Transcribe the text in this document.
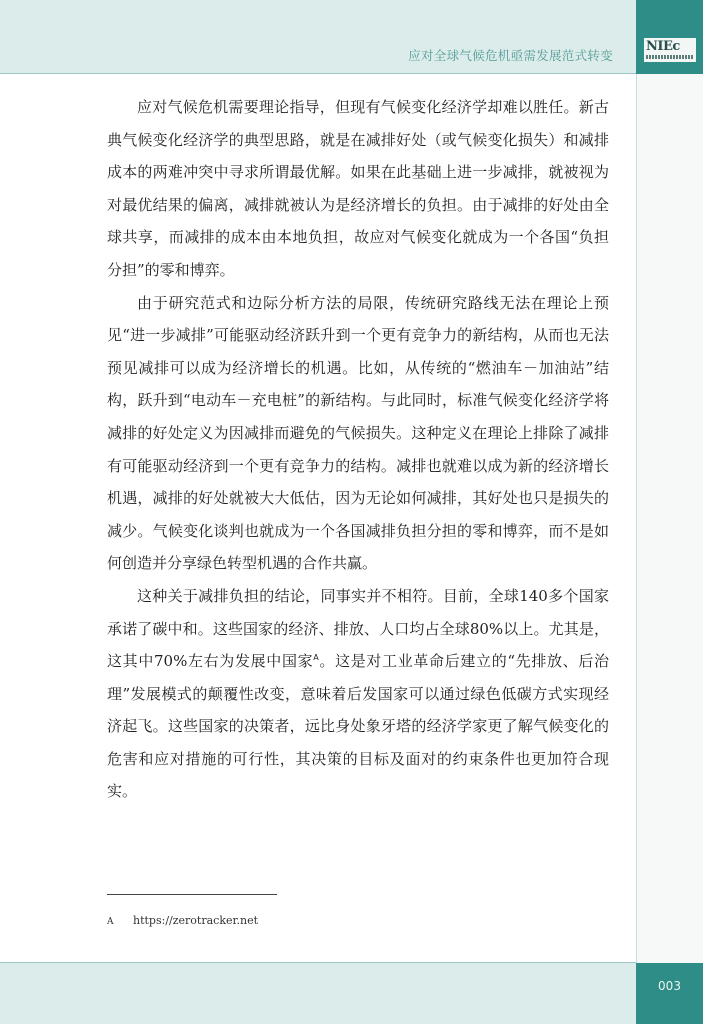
NIEc
应对全球气候危机亟需发展范式转变

应对气候危机需要理论指导，但现有气候变化经济学却难以胜任。新古典气候变化经济学的典型思路，就是在减排好处（或气候变化损失）和减排成本的两难冲突中寻求所谓最优解。如果在此基础上进一步减排，就被视为对最优结果的偏离，减排就被认为是经济增长的负担。由于减排的好处由全球共享，而减排的成本由本地负担，故应对气候变化就成为一个各国“负担分担”的零和博弈。

由于研究范式和边际分析方法的局限，传统研究路线无法在理论上预见“进一步减排”可能驱动经济跃升到一个更有竞争力的新结构，从而也无法预见减排可以成为经济增长的机遇。比如，从传统的“燃油车－加油站”结构，跃升到“电动车－充电桩”的新结构。与此同时，标准气候变化经济学将减排的好处定义为因减排而避免的气候损失。这种定义在理论上排除了减排有可能驱动经济到一个更有竞争力的结构。减排也就难以成为新的经济增长机遇，减排的好处就被大大低估，因为无论如何减排，其好处也只是损失的减少。气候变化谈判也就成为一个各国减排负担分担的零和博弈，而不是如何创造并分享绿色转型机遇的合作共赢。

这种关于减排负担的结论，同事实并不相符。目前，全球140多个国家承诺了碳中和。这些国家的经济、排放、人口均占全球80%以上。尤其是，这其中70%左右为发展中国家$^A$。这是对工业革命后建立的“先排放、后治理”发展模式的颠覆性改变，意味着后发国家可以通过绿色低碳方式实现经济起飞。这些国家的决策者，远比身处象牙塔的经济学家更了解气候变化的危害和应对措施的可行性，其决策的目标及面对的约束条件也更加符合现实。

A https://zerotracker.net
003
